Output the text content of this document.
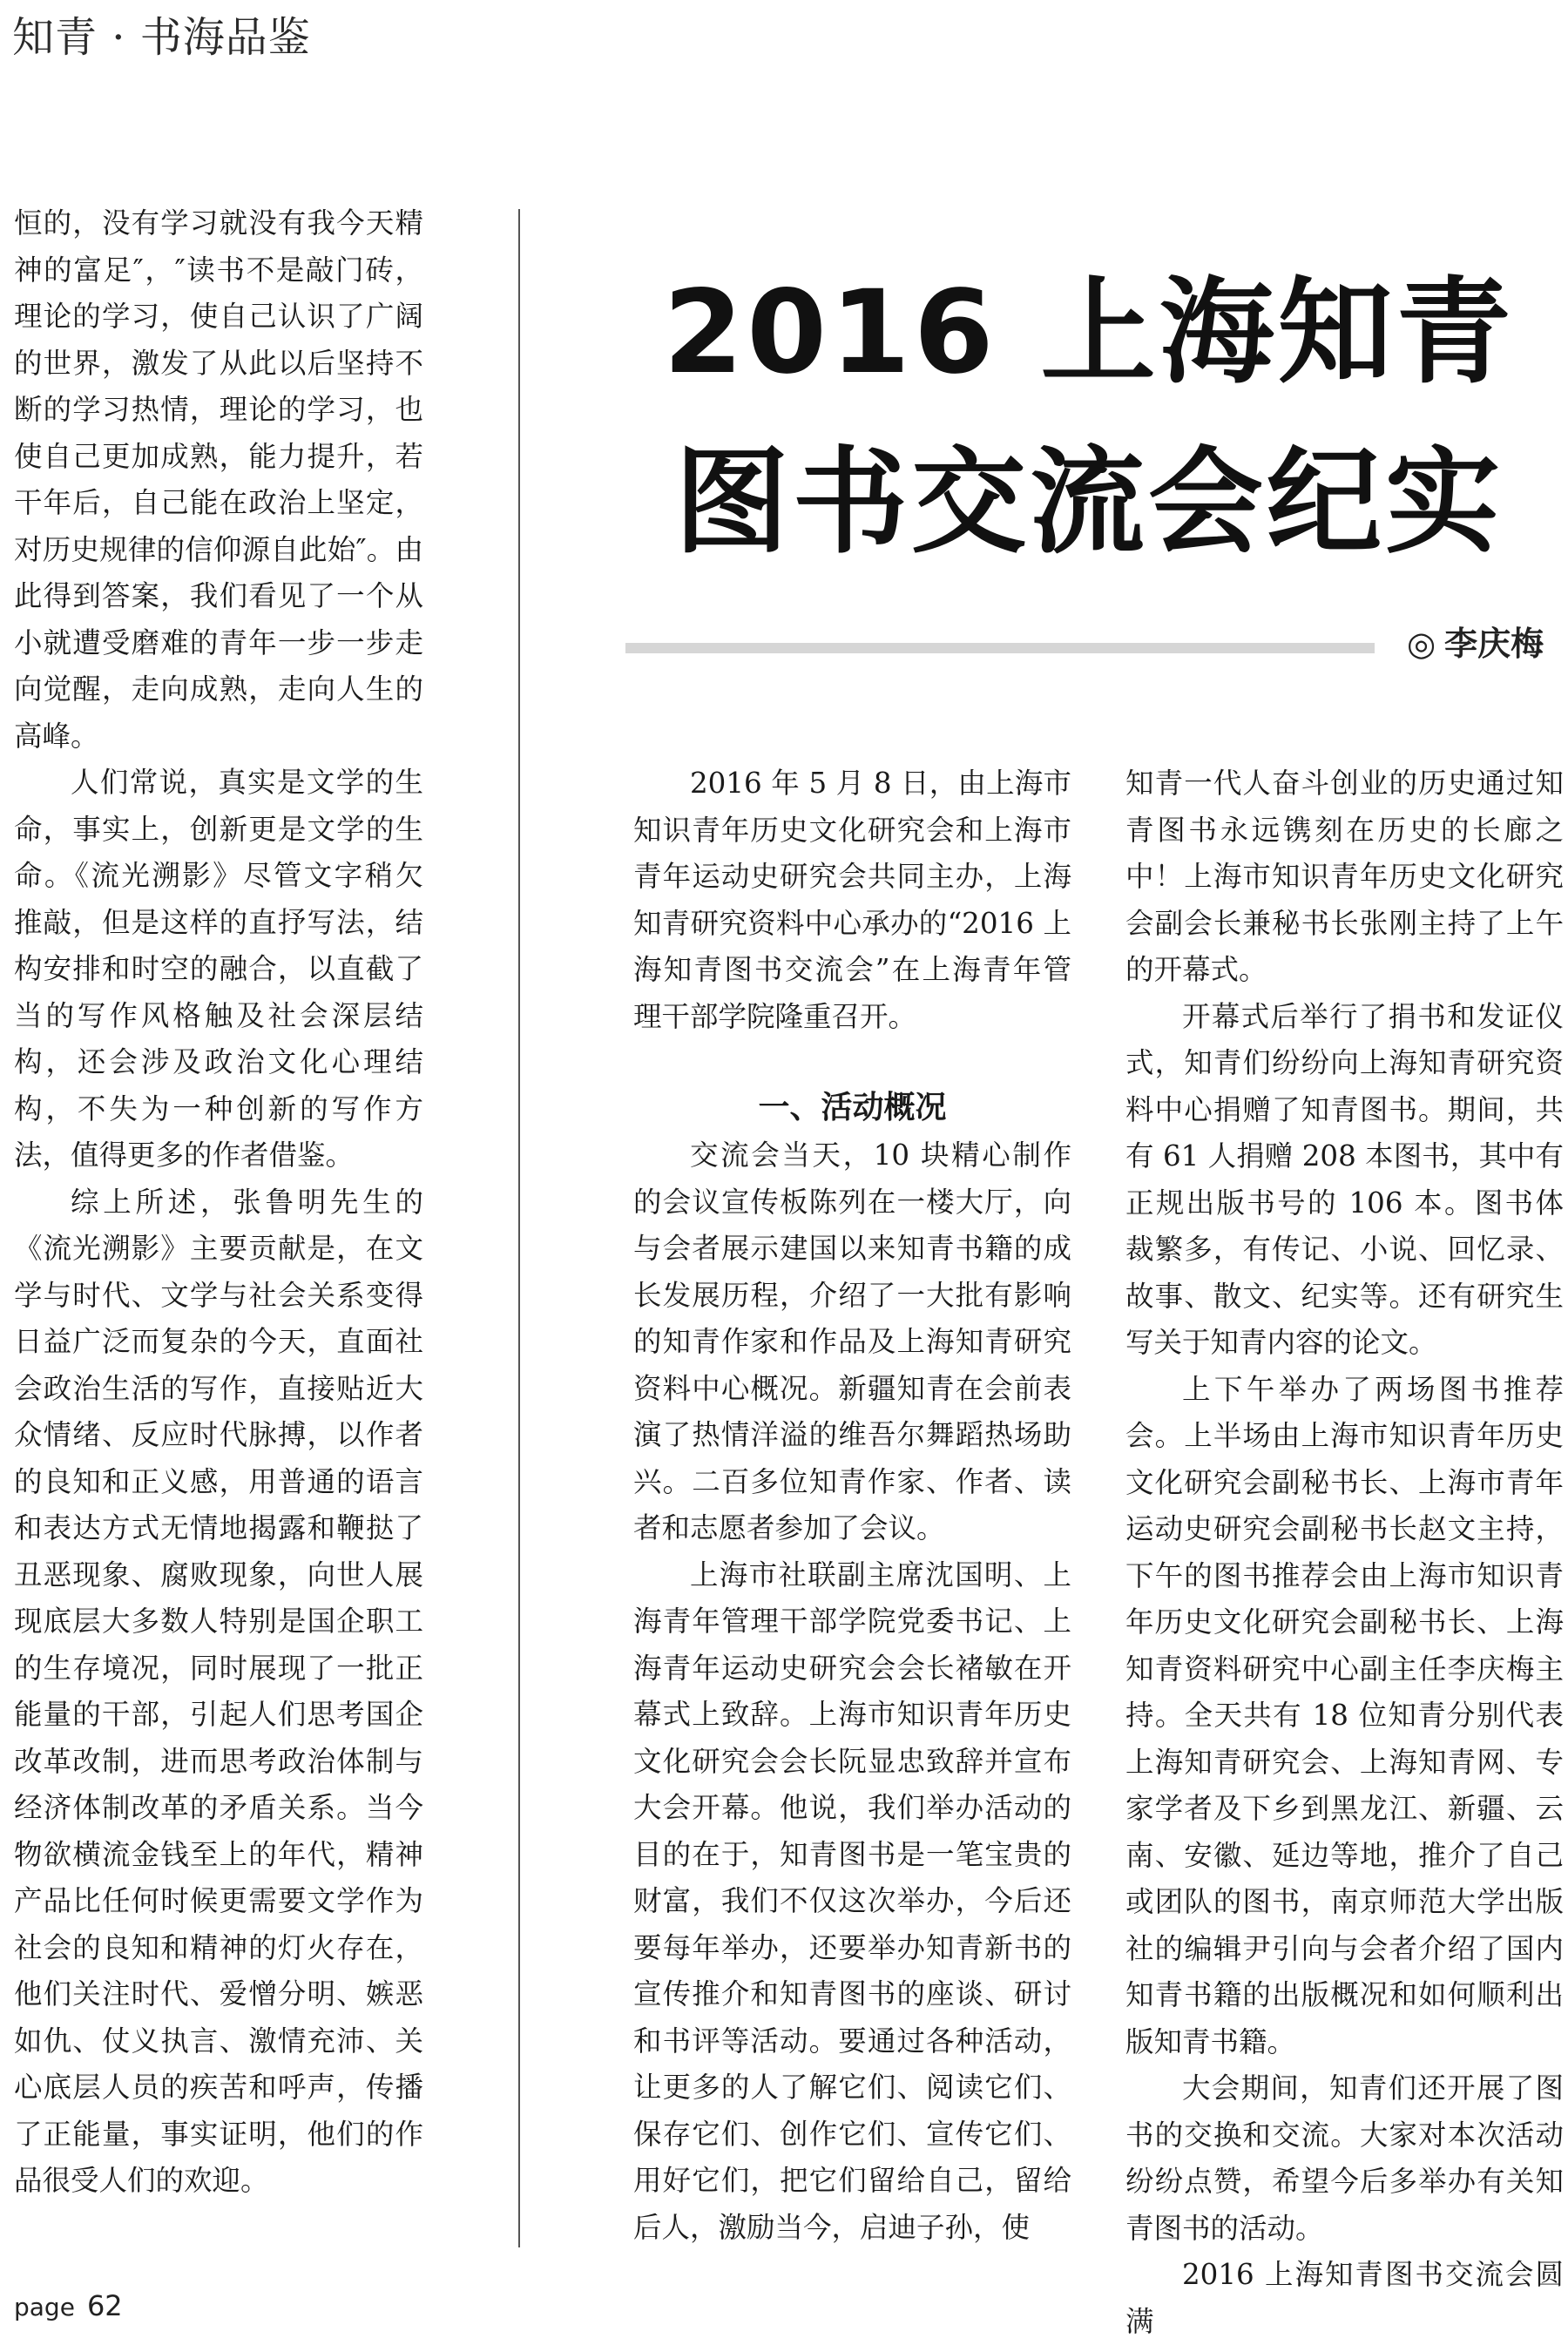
知青 · 书海品鉴

恒的，没有学习就没有我今天精神的富足″，″读书不是敲门砖，理论的学习，使自己认识了广阔的世界，激发了从此以后坚持不断的学习热情，理论的学习，也使自己更加成熟，能力提升，若干年后，自己能在政治上坚定，对历史规律的信仰源自此始″。由此得到答案，我们看见了一个从小就遭受磨难的青年一步一步走向觉醒，走向成熟，走向人生的高峰。

人们常说，真实是文学的生命，事实上，创新更是文学的生命。《流光溯影》尽管文字稍欠推敲，但是这样的直抒写法，结构安排和时空的融合，以直截了当的写作风格触及社会深层结构，还会涉及政治文化心理结构，不失为一种创新的写作方法，值得更多的作者借鉴。

综上所述，张鲁明先生的《流光溯影》主要贡献是，在文学与时代、文学与社会关系变得日益广泛而复杂的今天，直面社会政治生活的写作，直接贴近大众情绪、反应时代脉搏，以作者的良知和正义感，用普通的语言和表达方式无情地揭露和鞭挞了丑恶现象、腐败现象，向世人展现底层大多数人特别是国企职工的生存境况，同时展现了一批正能量的干部，引起人们思考国企改革改制，进而思考政治体制与经济体制改革的矛盾关系。当今物欲横流金钱至上的年代，精神产品比任何时候更需要文学作为社会的良知和精神的灯火存在，他们关注时代、爱憎分明、嫉恶如仇、仗义执言、激情充沛、关心底层人员的疾苦和呼声，传播了正能量，事实证明，他们的作品很受人们的欢迎。

2016 上海知青
图书交流会纪实
◎ 李庆梅

2016 年 5 月 8 日，由上海市知识青年历史文化研究会和上海市青年运动史研究会共同主办，上海知青研究资料中心承办的“2016 上海知青图书交流会”在上海青年管理干部学院隆重召开。

一、活动概况

交流会当天，10 块精心制作的会议宣传板陈列在一楼大厅，向与会者展示建国以来知青书籍的成长发展历程，介绍了一大批有影响的知青作家和作品及上海知青研究资料中心概况。新疆知青在会前表演了热情洋溢的维吾尔舞蹈热场助兴。二百多位知青作家、作者、读者和志愿者参加了会议。

上海市社联副主席沈国明、上海青年管理干部学院党委书记、上海青年运动史研究会会长褚敏在开幕式上致辞。上海市知识青年历史文化研究会会长阮显忠致辞并宣布大会开幕。他说，我们举办活动的目的在于，知青图书是一笔宝贵的财富，我们不仅这次举办，今后还要每年举办，还要举办知青新书的宣传推介和知青图书的座谈、研讨和书评等活动。要通过各种活动，让更多的人了解它们、阅读它们、保存它们、创作它们、宣传它们、用好它们，把它们留给自己，留给后人，激励当今，启迪子孙，使

知青一代人奋斗创业的历史通过知青图书永远镌刻在历史的长廊之中！上海市知识青年历史文化研究会副会长兼秘书长张刚主持了上午的开幕式。

开幕式后举行了捐书和发证仪式，知青们纷纷向上海知青研究资料中心捐赠了知青图书。期间，共有 61 人捐赠 208 本图书，其中有正规出版书号的 106 本。图书体裁繁多，有传记、小说、回忆录、故事、散文、纪实等。还有研究生写关于知青内容的论文。

上下午举办了两场图书推荐会。上半场由上海市知识青年历史文化研究会副秘书长、上海市青年运动史研究会副秘书长赵文主持，下午的图书推荐会由上海市知识青年历史文化研究会副秘书长、上海知青资料研究中心副主任李庆梅主持。全天共有 18 位知青分别代表上海知青研究会、上海知青网、专家学者及下乡到黑龙江、新疆、云南、安徽、延边等地，推介了自己或团队的图书，南京师范大学出版社的编辑尹引向与会者介绍了国内知青书籍的出版概况和如何顺利出版知青书籍。

大会期间，知青们还开展了图书的交换和交流。大家对本次活动纷纷点赞，希望今后多举办有关知青图书的活动。

2016 上海知青图书交流会圆满

page 62
